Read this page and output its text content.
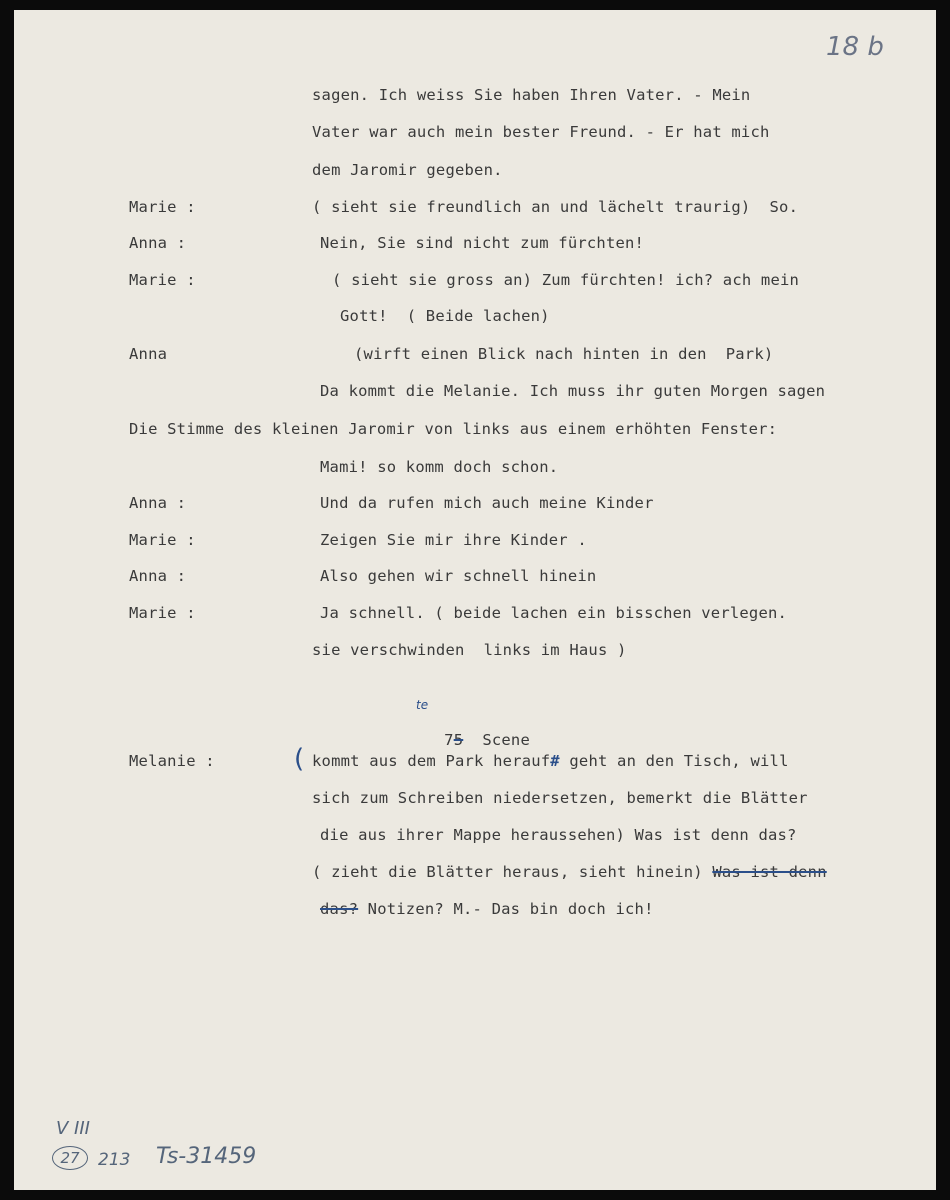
18 b
sagen. Ich weiss Sie haben Ihren Vater. - Mein
Vater war auch mein bester Freund. - Er hat mich
dem Jaromir gegeben.
Marie :	( sieht sie freundlich an und lächelt traurig)  So.
Anna :	Nein, Sie sind nicht zum fürchten!
Marie :	( sieht sie gross an) Zum fürchten! ich? ach mein
Gott!  ( Beide lachen)
Anna	(wirft einen Blick nach hinten in den  Park)
Da kommt die Melanie. Ich muss ihr guten Morgen sagen
Die Stimme des kleinen Jaromir von links aus einem erhöhten Fenster:
Mami! so komm doch schon.
Anna :	Und da rufen mich auch meine Kinder
Marie :	Zeigen Sie mir ihre Kinder .
Anna :	Also gehen wir schnell hinein
Marie :	Ja schnell. ( beide lachen ein bisschen verlegen.
sie verschwinden  links im Haus )

75 Scene

te
Melanie :	( kommt aus dem Park herauf# geht an den Tisch, will
sich zum Schreiben niedersetzen, bemerkt die Blätter
die aus ihrer Mappe heraussehen) Was ist denn das?
( zieht die Blätter heraus, sieht hinein) Was ist denn
das? Notizen? M.- Das bin doch ich!
V III
27	213 Ts-31459
